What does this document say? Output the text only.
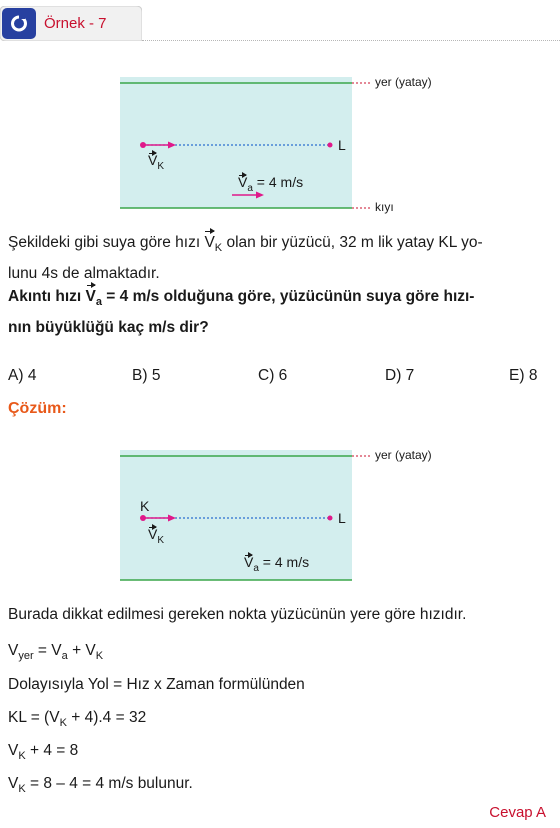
Örnek - 7
yer (yatay)
kıyı
L
$V_K$
$V_a = 4$ m/s
Şekildeki gibi suya göre hızı $V_K$ olan bir yüzücü, 32 m lik yatay KL yo-
lunu 4s de almaktadır.
Akıntı hızı $V_a = 4$ m/s olduğuna göre, yüzücünün suya göre hızı-
nın büyüklüğü kaç m/s dir?
A) 4	B) 5	C) 6	D) 7	E) 8
Çözüm:
yer (yatay)
K
L
$V_K$
$V_a = 4$ m/s
Burada dikkat edilmesi gereken nokta yüzücünün yere göre hızıdır.
$V_{yer} = V_a + V_K$
Dolayısıyla Yol = Hız x Zaman formülünden
KL = $(V_K + 4).4 = 32$
$V_K + 4 = 8$
$V_K = 8 - 4 = 4$ m/s bulunur.
Cevap A
